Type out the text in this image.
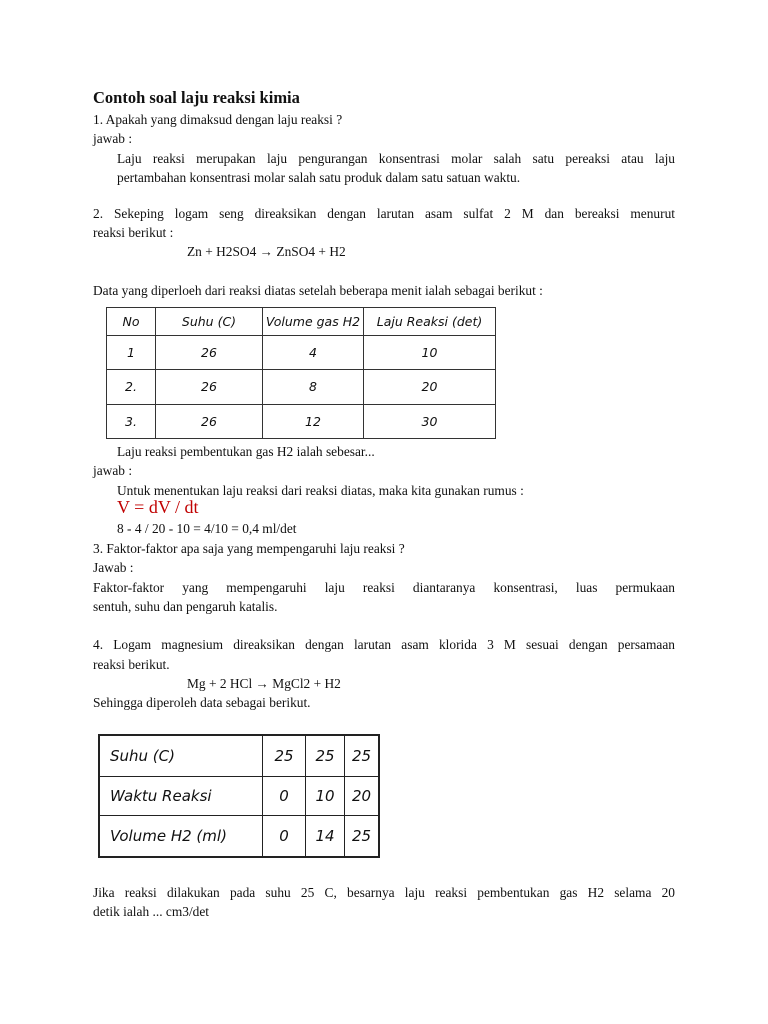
Contoh soal laju reaksi kimia
1. Apakah yang dimaksud dengan laju reaksi ?
jawab :
Laju reaksi merupakan laju pengurangan konsentrasi molar salah satu pereaksi atau laju
pertambahan konsentrasi molar salah satu produk dalam satu satuan waktu.
2. Sekeping logam seng direaksikan dengan larutan asam sulfat 2 M dan bereaksi menurut
reaksi berikut :
Zn + H2SO4 → ZnSO4 + H2
Data yang diperloeh dari reaksi diatas setelah beberapa menit ialah sebagai berikut :
No	Suhu (C)	Volume gas H2	Laju Reaksi (det)
1	26	4	10
2.	26	8	20
3.	26	12	30
Laju reaksi pembentukan gas H2 ialah sebesar...
jawab :
Untuk menentukan laju reaksi dari reaksi diatas, maka kita gunakan rumus :
V = dV / dt
8 - 4 / 20 - 10 = 4/10 = 0,4 ml/det
3. Faktor-faktor apa saja yang mempengaruhi laju reaksi ?
Jawab :
Faktor-faktor yang mempengaruhi laju reaksi diantaranya konsentrasi, luas permukaan
sentuh, suhu dan pengaruh katalis.
4. Logam magnesium direaksikan dengan larutan asam klorida 3 M sesuai dengan persamaan
reaksi berikut.
Mg + 2 HCl → MgCl2 + H2
Sehingga diperoleh data sebagai berikut.
Suhu (C)	25	25	25
Waktu Reaksi	0	10	20
Volume H2 (ml)	0	14	25
Jika reaksi dilakukan pada suhu 25 C, besarnya laju reaksi pembentukan gas H2 selama 20
detik ialah ... cm3/det
